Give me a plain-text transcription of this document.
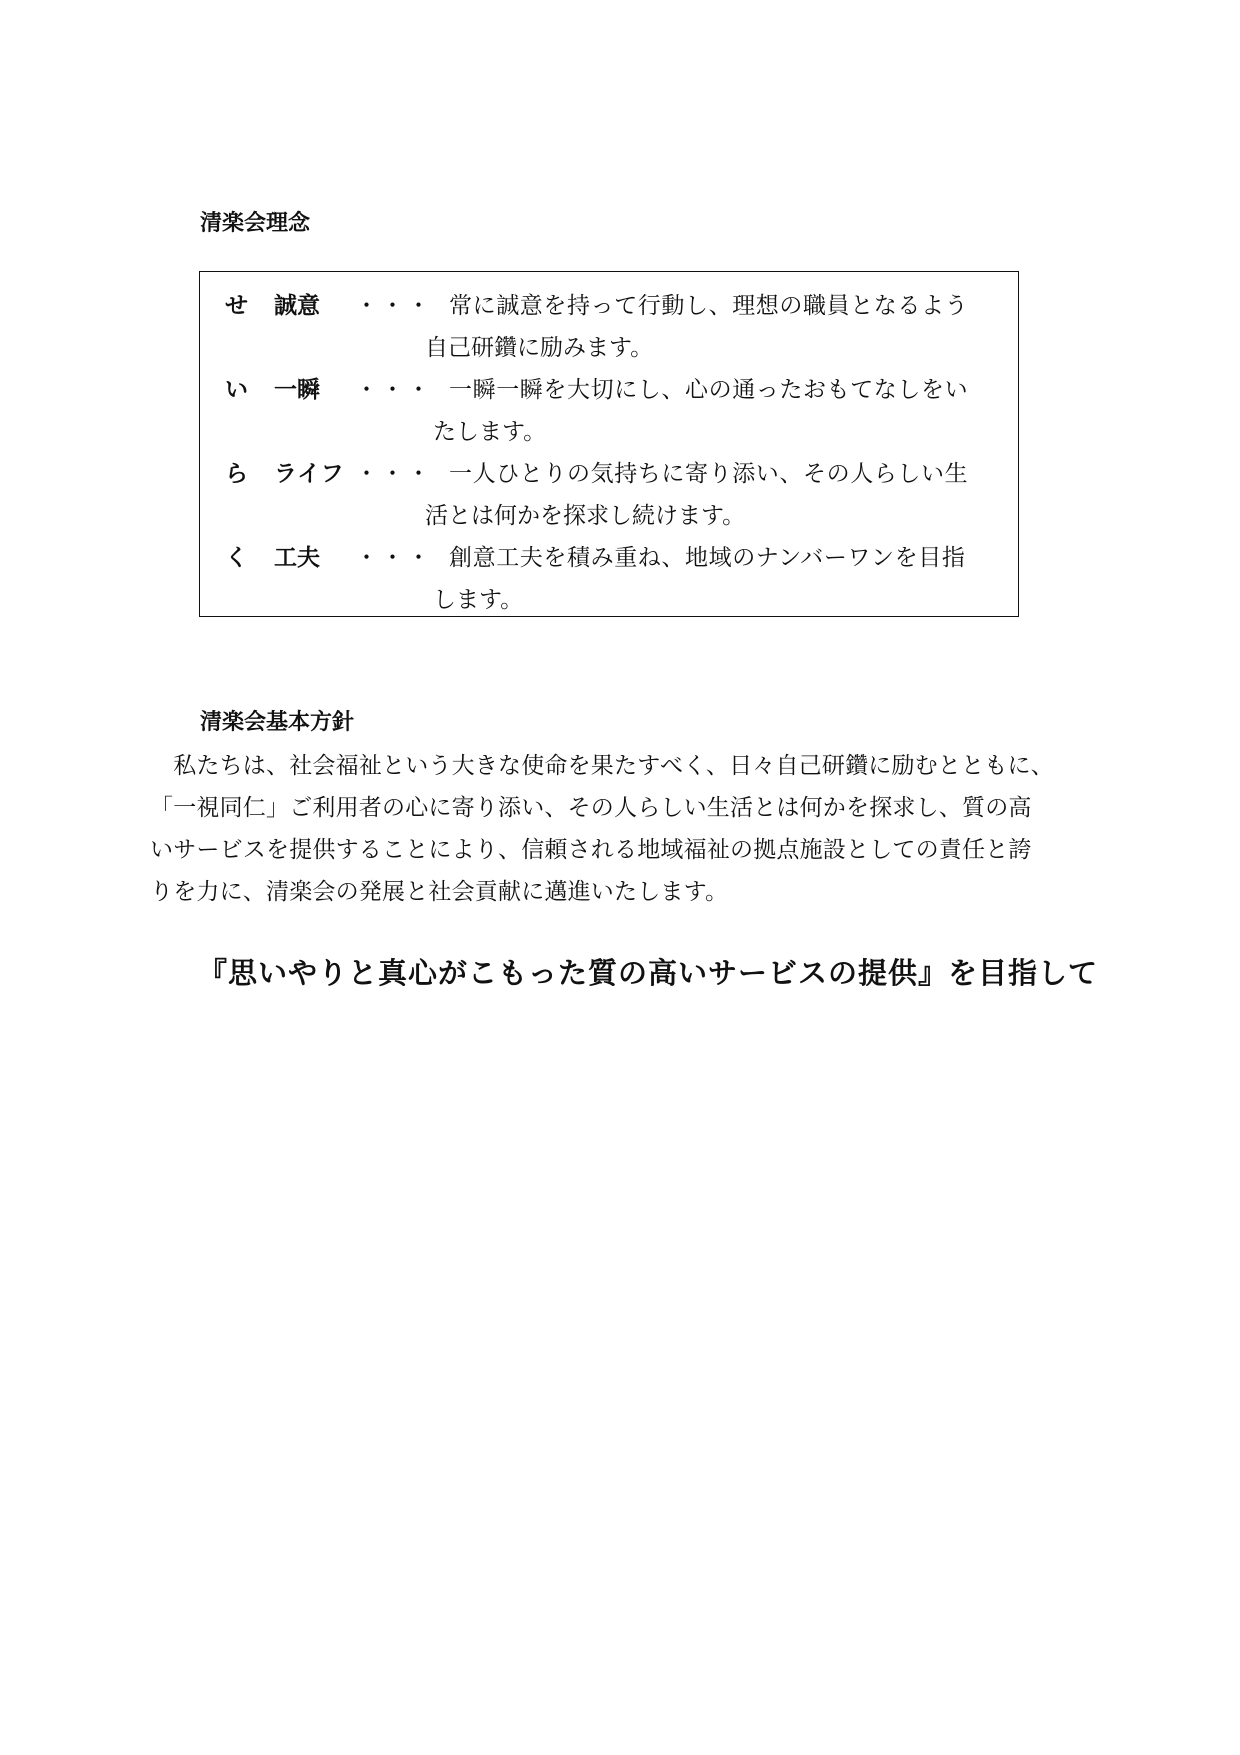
清楽会理念
せ 誠意 ・・・ 常に誠意を持って行動し、理想の職員となるよう
自己研鑽に励みます。
い 一瞬 ・・・ 一瞬一瞬を大切にし、心の通ったおもてなしをい
たします。
ら ライフ ・・・ 一人ひとりの気持ちに寄り添い、その人らしい生
活とは何かを探求し続けます。
く 工夫 ・・・ 創意工夫を積み重ね、地域のナンバーワンを目指
します。
清楽会基本方針
　私たちは、社会福祉という大きな使命を果たすべく、日々自己研鑽に励むとともに、
「一視同仁」ご利用者の心に寄り添い、その人らしい生活とは何かを探求し、質の高
いサービスを提供することにより、信頼される地域福祉の拠点施設としての責任と誇
りを力に、清楽会の発展と社会貢献に邁進いたします。
『思いやりと真心がこもった質の高いサービスの提供』を目指して
